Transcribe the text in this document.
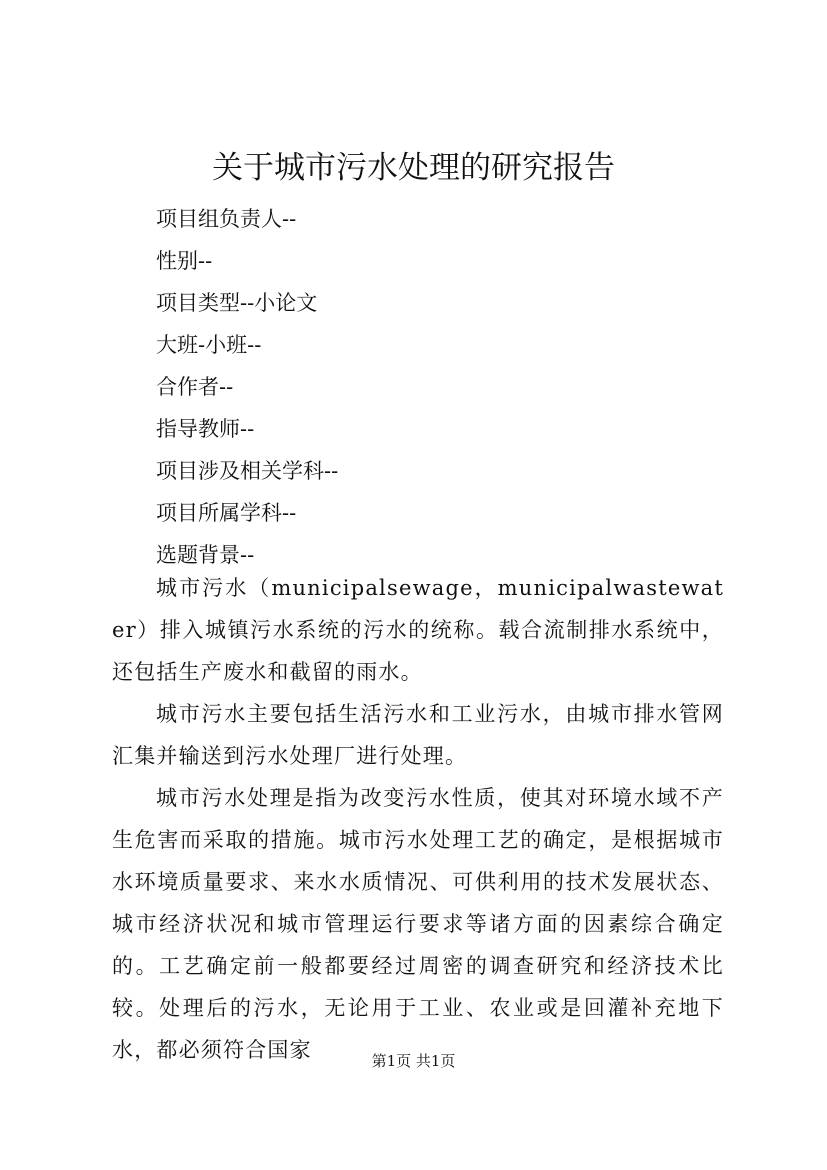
关于城市污水处理的研究报告
项目组负责人--
性别--
项目类型--小论文
大班-小班--
合作者--
指导教师--
项目涉及相关学科--
项目所属学科--
选题背景--

城市污水（municipalsewage，municipalwastewater）排入城镇污水系统的污水的统称。载合流制排水系统中，还包括生产废水和截留的雨水。

城市污水主要包括生活污水和工业污水，由城市排水管网汇集并输送到污水处理厂进行处理。

城市污水处理是指为改变污水性质，使其对环境水域不产生危害而采取的措施。城市污水处理工艺的确定，是根据城市水环境质量要求、来水水质情况、可供利用的技术发展状态、城市经济状况和城市管理运行要求等诸方面的因素综合确定的。工艺确定前一般都要经过周密的调查研究和经济技术比较。处理后的污水，无论用于工业、农业或是回灌补充地下水，都必须符合国家	第1页 共1页
